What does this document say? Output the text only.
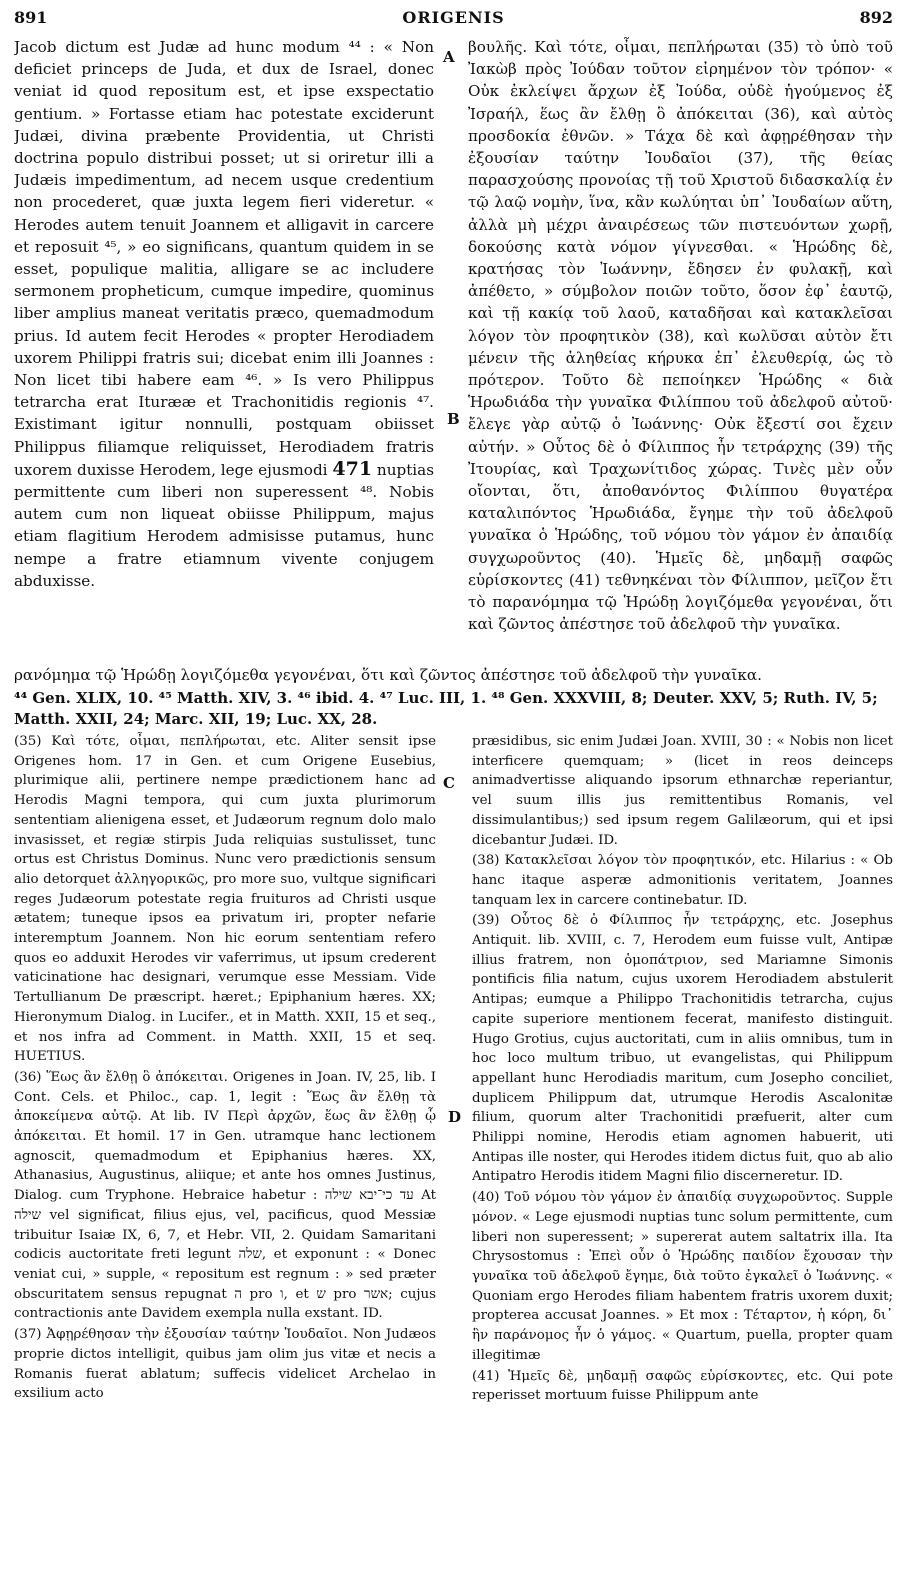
891	ORIGENIS	892

Jacob dictum est Judæ ad hunc modum ⁴⁴ : « Non deficiet princeps de Juda, et dux de Israel, donec veniat id quod repositum est, et ipse exspectatio gentium. » Fortasse etiam hac potestate exciderunt Judæi, divina præbente Providentia, ut Christi doctrina populo distribui posset; ut si oriretur illi a Judæis impedimentum, ad necem usque credentium non procederet, quæ juxta legem fieri videretur. « Herodes autem tenuit Joannem et alligavit in carcere et reposuit ⁴⁵, » eo significans, quantum quidem in se esset, populique malitia, alligare se ac includere sermonem propheticum, cumque impedire, quominus liber amplius maneat veritatis præco, quemadmodum prius. Id autem fecit Herodes « propter Herodiadem uxorem Philippi fratris sui; dicebat enim illi Joannes : Non licet tibi habere eam ⁴⁶. » Is vero Philippus tetrarcha erat Iturææ et Trachonitidis regionis ⁴⁷. Existimant igitur nonnulli, postquam obiisset Philippus filiamque reliquisset, Herodiadem fratris uxorem duxisse Herodem, lege ejusmodi 471 nuptias permittente cum liberi non superessent ⁴⁸. Nobis autem cum non liqueat obiisse Philippum, majus etiam flagitium Herodem admisisse putamus, hunc nempe a fratre etiamnum vivente conjugem abduxisse.

A
B

βουλῆς. Καὶ τότε, οἶμαι, πεπλήρωται (35) τὸ ὑπὸ τοῦ Ἰακὼβ πρὸς Ἰούδαν τοῦτον εἰρημένον τὸν τρόπον· « Οὐκ ἐκλείψει ἄρχων ἐξ Ἰούδα, οὐδὲ ἡγούμενος ἐξ Ἰσραήλ, ἕως ἂν ἔλθῃ ὃ ἀπόκειται (36), καὶ αὐτὸς προσδοκία ἐθνῶν. » Τάχα δὲ καὶ ἀφῃρέθησαν τὴν ἐξουσίαν ταύτην Ἰουδαῖοι (37), τῆς θείας παρασχούσης προνοίας τῇ τοῦ Χριστοῦ διδασκαλίᾳ ἐν τῷ λαῷ νομὴν, ἵνα, κἂν κωλύηται ὑπ᾽ Ἰουδαίων αὕτη, ἀλλὰ μὴ μέχρι ἀναιρέσεως τῶν πιστευόντων χωρῇ, δοκούσης κατὰ νόμον γίγνεσθαι. « Ἡρώδης δὲ, κρατήσας τὸν Ἰωάννην, ἔδησεν ἐν φυλακῇ, καὶ ἀπέθετο, » σύμβολον ποιῶν τοῦτο, ὅσον ἐφ᾽ ἑαυτῷ, καὶ τῇ κακίᾳ τοῦ λαοῦ, καταδῆσαι καὶ κατακλεῖσαι λόγον τὸν προφητικὸν (38), καὶ κωλῦσαι αὐτὸν ἔτι μένειν τῆς ἀληθείας κήρυκα ἐπ᾽ ἐλευθερίᾳ, ὡς τὸ πρότερον. Τοῦτο δὲ πεποίηκεν Ἡρώδης « διὰ Ἡρωδιάδα τὴν γυναῖκα Φιλίππου τοῦ ἀδελφοῦ αὐτοῦ· ἔλεγε γὰρ αὐτῷ ὁ Ἰωάννης· Οὐκ ἔξεστί σοι ἔχειν αὐτήν. » Οὗτος δὲ ὁ Φίλιππος ἦν τετράρχης (39) τῆς Ἰτουρίας, καὶ Τραχωνίτιδος χώρας. Τινὲς μὲν οὖν οἴονται, ὅτι, ἀποθανόντος Φιλίππου θυγατέρα καταλιπόντος Ἡρωδιάδα, ἔγημε τὴν τοῦ ἀδελφοῦ γυναῖκα ὁ Ἡρώδης, τοῦ νόμου τὸν γάμον ἐν ἀπαιδίᾳ συγχωροῦντος (40). Ἡμεῖς δὲ, μηδαμῇ σαφῶς εὑρίσκοντες (41) τεθνηκέναι τὸν Φίλιππον, μεῖζον ἔτι τὸ παρανόμημα τῷ Ἡρώδῃ λογιζόμεθα γεγονέναι, ὅτι καὶ ζῶντος ἀπέστησε τοῦ ἀδελφοῦ τὴν γυναῖκα.

ρανόμημα τῷ Ἡρώδῃ λογιζόμεθα γεγονέναι, ὅτι καὶ ζῶντος ἀπέστησε τοῦ ἀδελφοῦ τὴν γυναῖκα.
⁴⁴ Gen. XLIX, 10. ⁴⁵ Matth. XIV, 3. ⁴⁶ ibid. 4. ⁴⁷ Luc. III, 1. ⁴⁸ Gen. XXXVIII, 8; Deuter. XXV, 5; Ruth. IV, 5; Matth. XXII, 24; Marc. XII, 19; Luc. XX, 28.

(35) Καὶ τότε, οἶμαι, πεπλήρωται, etc. Aliter sensit ipse Origenes hom. 17 in Gen. et cum Origene Eusebius, plurimique alii, pertinere nempe prædictionem hanc ad Herodis Magni tempora, qui cum juxta plurimorum sententiam alienigena esset, et Judæorum regnum dolo malo invasisset, et regiæ stirpis Juda reliquias sustulisset, tunc ortus est Christus Dominus. Nunc vero prædictionis sensum alio detorquet ἀλληγορικῶς, pro more suo, vultque significari reges Judæorum potestate regia fruituros ad Christi usque ætatem; tuneque ipsos ea privatum iri, propter nefarie interemptum Joannem. Non hic eorum sententiam refero quos eo adduxit Herodes vir vaferrimus, ut ipsum crederent vaticinatione hac designari, verumque esse Messiam. Vide Tertullianum De præscript. hæret.; Epiphanium hæres. XX; Hieronymum Dialog. in Lucifer., et in Matth. XXII, 15 et seq., et nos infra ad Comment. in Matth. XXII, 15 et seq. HUETIUS.

(36) Ἕως ἂν ἔλθῃ ὃ ἀπόκειται. Origenes in Joan. IV, 25, lib. I Cont. Cels. et Philoc., cap. 1, legit : Ἕως ἂν ἔλθῃ τὰ ἀποκείμενα αὐτῷ. At lib. IV Περὶ ἀρχῶν, ἕως ἂν ἔλθῃ ᾧ ἀπόκειται. Et homil. 17 in Gen. utramque hanc lectionem agnoscit, quemadmodum et Epiphanius hæres. XX, Athanasius, Augustinus, aliique; et ante hos omnes Justinus, Dialog. cum Tryphone. Hebraice habetur : עד כי־יבא שילה At שילה vel significat, filius ejus, vel, pacificus, quod Messiæ tribuitur Isaiæ IX, 6, 7, et Hebr. VII, 2. Quidam Samaritani codicis auctoritate freti legunt שלה, et exponunt : « Donec veniat cui, » supple, « repositum est regnum : » sed præter obscuritatem sensus repugnat ה pro ו, et ש pro אשר; cujus contractionis ante Davidem exempla nulla exstant. ID.

(37) Ἀφῃρέθησαν τὴν ἐξουσίαν ταύτην Ἰουδαῖοι. Non Judæos proprie dictos intelligit, quibus jam olim jus vitæ et necis a Romanis fuerat ablatum; suffecis videlicet Archelao in exsilium acto

C
D

præsidibus, sic enim Judæi Joan. XVIII, 30 : « Nobis non licet interficere quemquam; » (licet in reos deinceps animadvertisse aliquando ipsorum ethnarchæ reperiantur, vel suum illis jus remittentibus Romanis, vel dissimulantibus;) sed ipsum regem Galilæorum, qui et ipsi dicebantur Judæi. ID.

(38) Κατακλεῖσαι λόγον τὸν προφητικόν, etc. Hilarius : « Ob hanc itaque asperæ admonitionis veritatem, Joannes tanquam lex in carcere continebatur. ID.

(39) Οὗτος δὲ ὁ Φίλιππος ἦν τετράρχης, etc. Josephus Antiquit. lib. XVIII, c. 7, Herodem eum fuisse vult, Antipæ illius fratrem, non ὁμοπάτριον, sed Mariamne Simonis pontificis filia natum, cujus uxorem Herodiadem abstulerit Antipas; eumque a Philippo Trachonitidis tetrarcha, cujus capite superiore mentionem fecerat, manifesto distinguit. Hugo Grotius, cujus auctoritati, cum in aliis omnibus, tum in hoc loco multum tribuo, ut evangelistas, qui Philippum appellant hunc Herodiadis maritum, cum Josepho conciliet, duplicem Philippum dat, utrumque Herodis Ascalonitæ filium, quorum alter Trachonitidi præfuerit, alter cum Philippi nomine, Herodis etiam agnomen habuerit, uti Antipas ille noster, qui Herodes itidem dictus fuit, quo ab alio Antipatro Herodis itidem Magni filio discerneretur. ID.

(40) Τοῦ νόμου τὸν γάμον ἐν ἀπαιδίᾳ συγχωροῦντος. Supple μόνον. « Lege ejusmodi nuptias tunc solum permittente, cum liberi non superessent; » supererat autem saltatrix illa. Ita Chrysostomus : Ἐπεὶ οὖν ὁ Ἡρώδης παιδίον ἔχουσαν τὴν γυναῖκα τοῦ ἀδελφοῦ ἔγημε, διὰ τοῦτο ἐγκαλεῖ ὁ Ἰωάννης. « Quoniam ergo Herodes filiam habentem fratris uxorem duxit; propterea accusat Joannes. » Et mox : Τέταρτον, ἡ κόρη, δι᾽ ἣν παράνομος ἦν ὁ γάμος. « Quartum, puella, propter quam illegitimæ

(41) Ἡμεῖς δὲ, μηδαμῇ σαφῶς εὑρίσκοντες, etc. Qui pote reperisset mortuum fuisse Philippum ante
